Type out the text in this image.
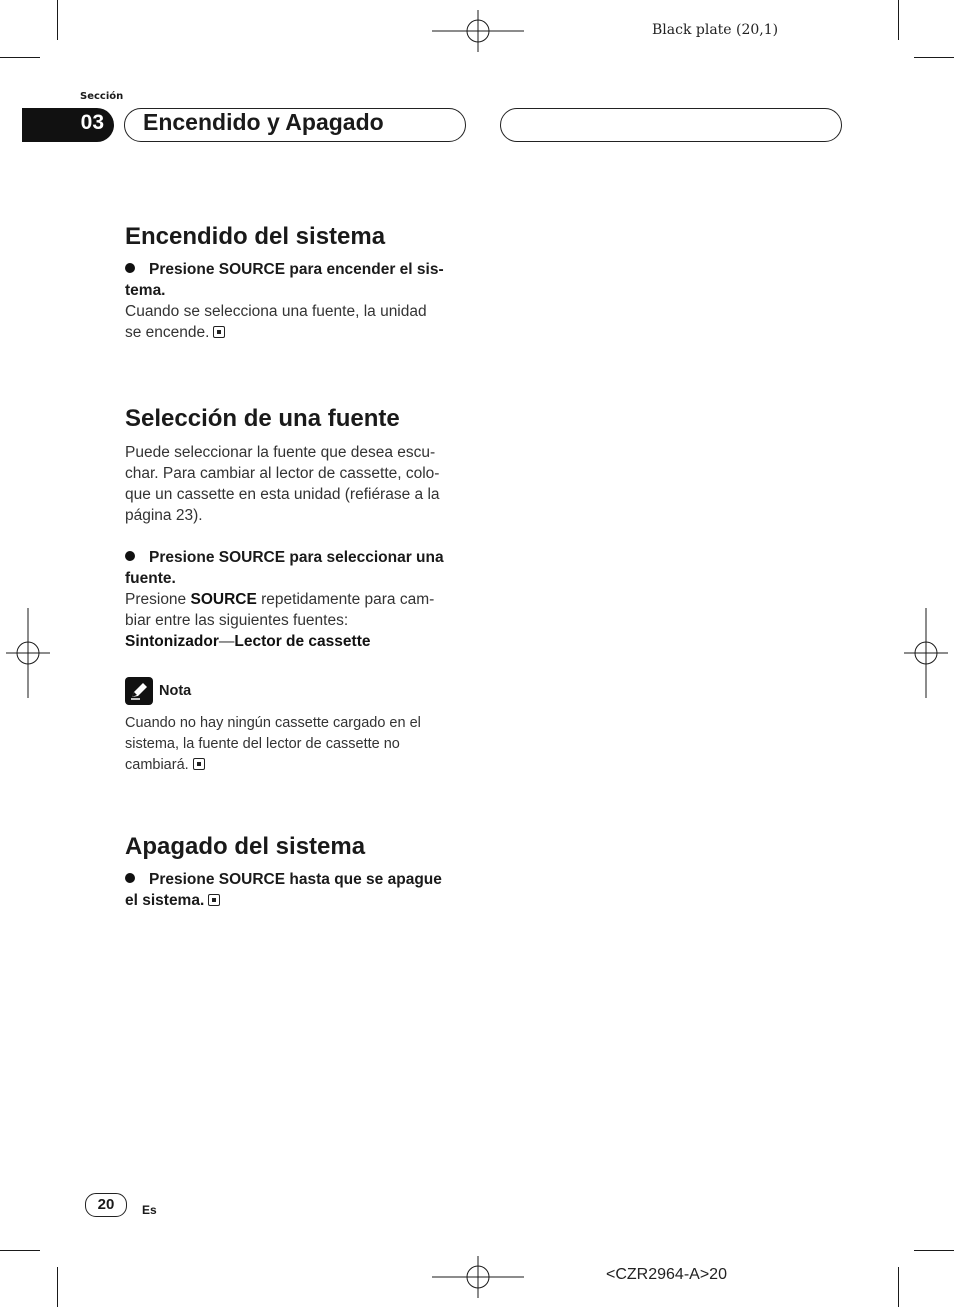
Black plate (20,1)
Sección
03 Encendido y Apagado
Encendido del sistema

Presione SOURCE para encender el sis-
tema.

Cuando se selecciona una fuente, la unidad
se encende.

Selección de una fuente

Puede seleccionar la fuente que desea escu-
char. Para cambiar al lector de cassette, colo-
que un cassette en esta unidad (refiérase a la
página 23).

Presione SOURCE para seleccionar una
fuente.

Presione SOURCE repetidamente para cam-
biar entre las siguientes fuentes:
Sintonizador—Lector de cassette

Nota

Cuando no hay ningún cassette cargado en el
sistema, la fuente del lector de cassette no
cambiará.

Apagado del sistema

Presione SOURCE hasta que se apague
el sistema.

20	Es
<CZR2964-A>20
